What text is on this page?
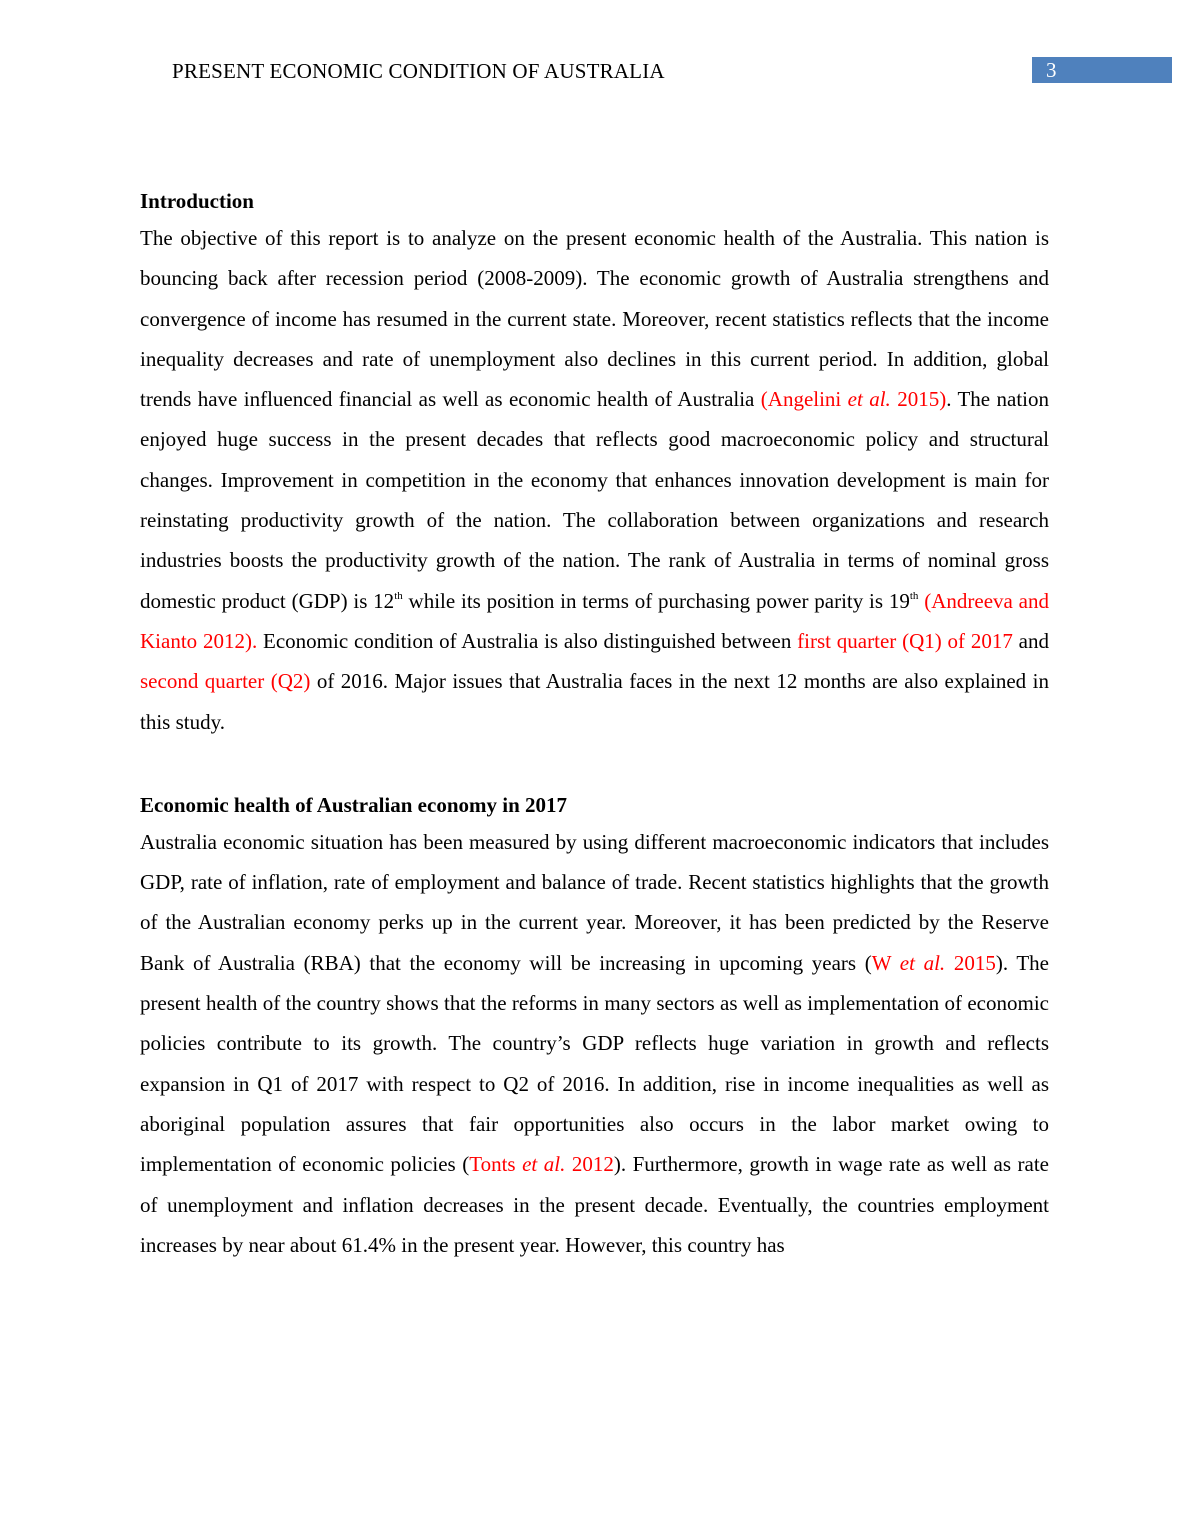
PRESENT ECONOMIC CONDITION OF AUSTRALIA	3
Introduction

The objective of this report is to analyze on the present economic health of the Australia. This nation is bouncing back after recession period (2008-2009). The economic growth of Australia strengthens and convergence of income has resumed in the current state. Moreover, recent statistics reflects that the income inequality decreases and rate of unemployment also declines in this current period. In addition, global trends have influenced financial as well as economic health of Australia (Angelini et al. 2015). The nation enjoyed huge success in the present decades that reflects good macroeconomic policy and structural changes. Improvement in competition in the economy that enhances innovation development is main for reinstating productivity growth of the nation. The collaboration between organizations and research industries boosts the productivity growth of the nation. The rank of Australia in terms of nominal gross domestic product (GDP) is 12th while its position in terms of purchasing power parity is 19th (Andreeva and Kianto 2012). Economic condition of Australia is also distinguished between first quarter (Q1) of 2017 and second quarter (Q2) of 2016. Major issues that Australia faces in the next 12 months are also explained in this study.

Economic health of Australian economy in 2017

Australia economic situation has been measured by using different macroeconomic indicators that includes GDP, rate of inflation, rate of employment and balance of trade. Recent statistics highlights that the growth of the Australian economy perks up in the current year. Moreover, it has been predicted by the Reserve Bank of Australia (RBA) that the economy will be increasing in upcoming years (W et al. 2015). The present health of the country shows that the reforms in many sectors as well as implementation of economic policies contribute to its growth. The country’s GDP reflects huge variation in growth and reflects expansion in Q1 of 2017 with respect to Q2 of 2016. In addition, rise in income inequalities as well as aboriginal population assures that fair opportunities also occurs in the labor market owing to implementation of economic policies (Tonts et al. 2012). Furthermore, growth in wage rate as well as rate of unemployment and inflation decreases in the present decade. Eventually, the countries employment increases by near about 61.4% in the present year. However, this country has
